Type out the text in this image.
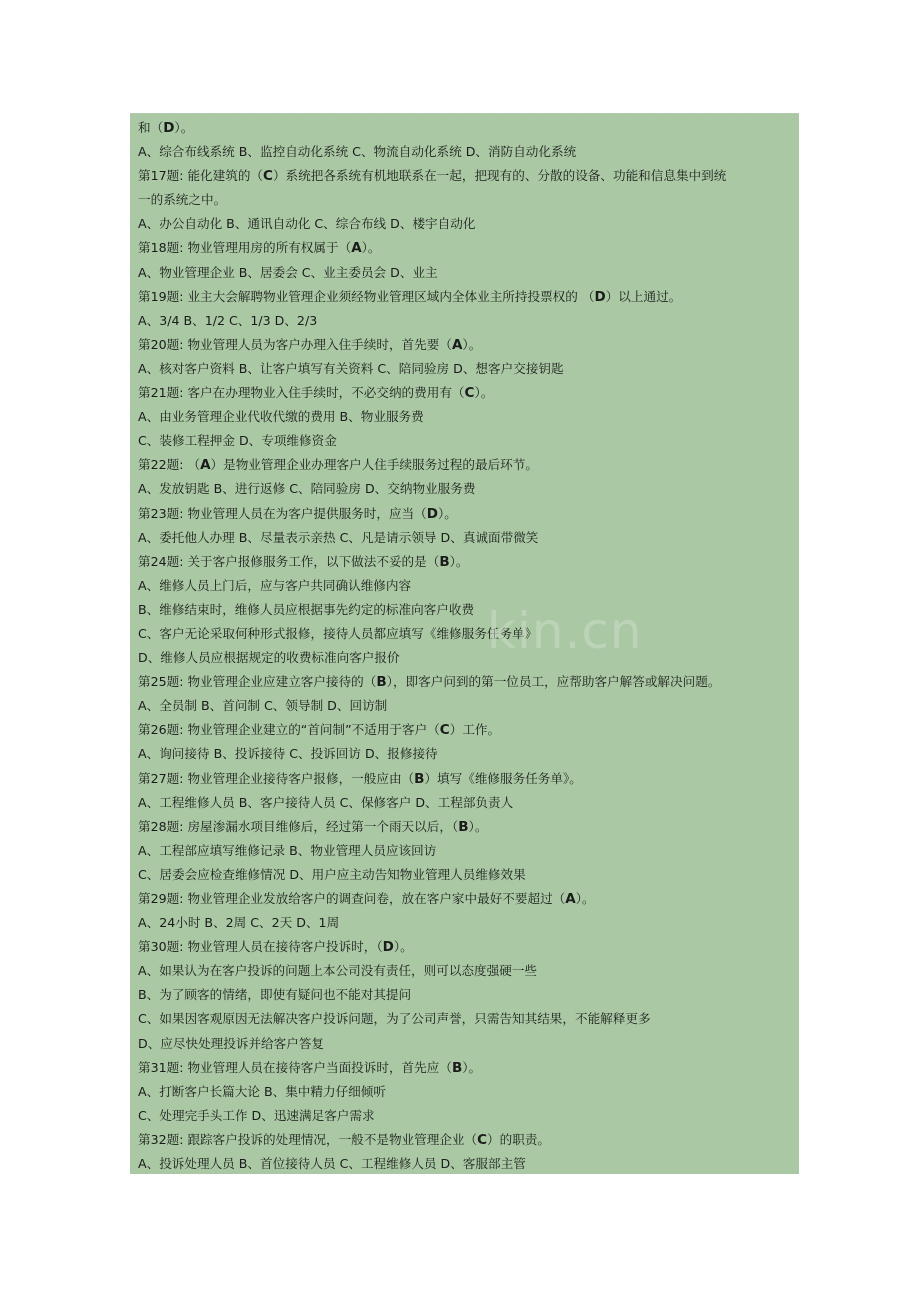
和（D）。
A、综合布线系统 B、监控自动化系统 C、物流自动化系统 D、消防自动化系统
第17题: 能化建筑的（C）系统把各系统有机地联系在一起，把现有的、分散的设备、功能和信息集中到统
一的系统之中。
A、办公自动化 B、通讯自动化 C、综合布线 D、楼宇自动化
第18题: 物业管理用房的所有权属于（A）。
A、物业管理企业 B、居委会 C、业主委员会 D、业主
第19题: 业主大会解聘物业管理企业须经物业管理区域内全体业主所持投票权的 （D）以上通过。
A、3/4 B、1/2 C、1/3 D、2/3
第20题: 物业管理人员为客户办理入住手续时，首先要（A）。
A、核对客户资料 B、让客户填写有关资料 C、陪同验房 D、想客户交接钥匙
第21题: 客户在办理物业入住手续时，不必交纳的费用有（C）。
A、由业务管理企业代收代缴的费用 B、物业服务费
C、装修工程押金 D、专项维修资金
第22题: （A）是物业管理企业办理客户人住手续服务过程的最后环节。
A、发放钥匙 B、进行返修 C、陪同验房 D、交纳物业服务费
第23题: 物业管理人员在为客户提供服务时，应当（D）。
A、委托他人办理 B、尽量表示亲热 C、凡是请示领导 D、真诚面带微笑
第24题: 关于客户报修服务工作，以下做法不妥的是（B）。
A、维修人员上门后，应与客户共同确认维修内容
B、维修结束时，维修人员应根据事先约定的标准向客户收费
C、客户无论采取何种形式报修，接待人员都应填写《维修服务任务单》
D、维修人员应根据规定的收费标准向客户报价
第25题: 物业管理企业应建立客户接待的（B），即客户问到的第一位员工，应帮助客户解答或解决问题。
A、全员制 B、首问制 C、领导制 D、回访制
第26题: 物业管理企业建立的“首问制”不适用于客户（C）工作。
A、询问接待 B、投诉接待 C、投诉回访 D、报修接待
第27题: 物业管理企业接待客户报修，一般应由（B）填写《维修服务任务单》。
A、工程维修人员 B、客户接待人员 C、保修客户 D、工程部负责人
第28题: 房屋渗漏水项目维修后，经过第一个雨天以后，（B）。
A、工程部应填写维修记录 B、物业管理人员应该回访
C、居委会应检查维修情况 D、用户应主动告知物业管理人员维修效果
第29题: 物业管理企业发放给客户的调查问卷，放在客户家中最好不要超过（A）。
A、24小时 B、2周 C、2天 D、1周
第30题: 物业管理人员在接待客户投诉时，（D）。
A、如果认为在客户投诉的问题上本公司没有责任，则可以态度强硬一些
B、为了顾客的情绪，即使有疑问也不能对其提问
C、如果因客观原因无法解决客户投诉问题，为了公司声誉，只需告知其结果，不能解释更多
D、应尽快处理投诉并给客户答复
第31题: 物业管理人员在接待客户当面投诉时，首先应（B）。
A、打断客户长篇大论 B、集中精力仔细倾听
C、处理完手头工作 D、迅速满足客户需求
第32题: 跟踪客户投诉的处理情况，一般不是物业管理企业（C）的职责。
A、投诉处理人员 B、首位接待人员 C、工程维修人员 D、客服部主管
kin.cn
